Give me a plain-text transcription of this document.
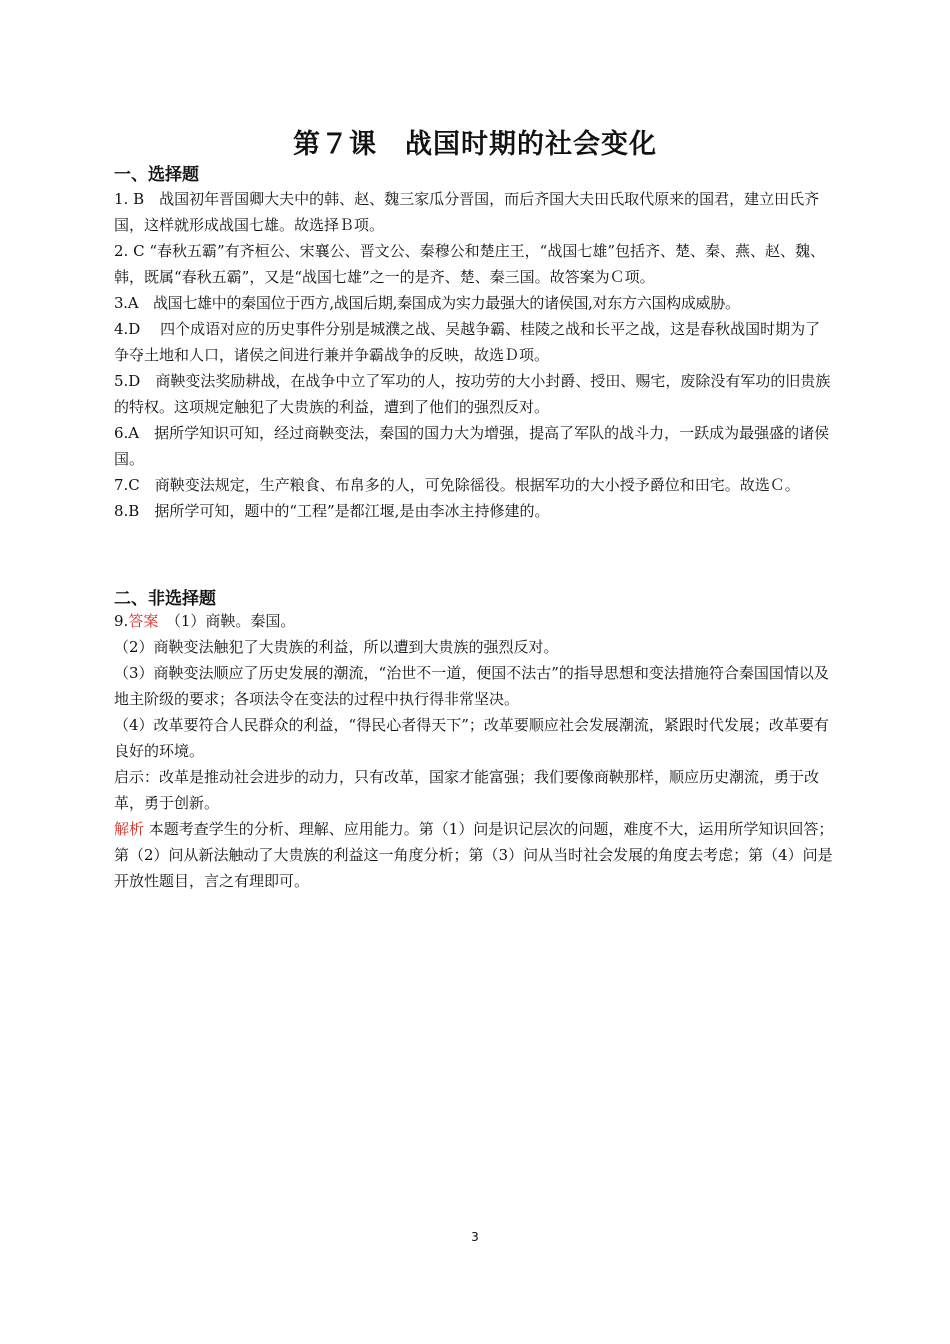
第７课　战国时期的社会变化
一、选择题

1. B　战国初年晋国卿大夫中的韩、赵、魏三家瓜分晋国，而后齐国大夫田氏取代原来的国君，建立田氏齐国，这样就形成战国七雄。故选择Ｂ项。

2. C “春秋五霸”有齐桓公、宋襄公、晋文公、秦穆公和楚庄王，“战国七雄”包括齐、楚、秦、燕、赵、魏、韩，既属“春秋五霸”，又是“战国七雄”之一的是齐、楚、秦三国。故答案为Ｃ项。

3.A　战国七雄中的秦国位于西方,战国后期,秦国成为实力最强大的诸侯国,对东方六国构成威胁。

4.D　 四个成语对应的历史事件分别是城濮之战、吴越争霸、桂陵之战和长平之战，这是春秋战国时期为了争夺土地和人口，诸侯之间进行兼并争霸战争的反映，故选Ｄ项。

5.D　商鞅变法奖励耕战，在战争中立了军功的人，按功劳的大小封爵、授田、赐宅，废除没有军功的旧贵族的特权。这项规定触犯了大贵族的利益，遭到了他们的强烈反对。

6.A　据所学知识可知，经过商鞅变法，秦国的国力大为增强，提高了军队的战斗力，一跃成为最强盛的诸侯国。

7.C　商鞅变法规定，生产粮食、布帛多的人，可免除徭役。根据军功的大小授予爵位和田宅。故选Ｃ。

8.B　据所学可知，题中的“工程”是都江堰,是由李冰主持修建的。

二、非选择题

9.答案　（1）商鞅。秦国。

（2）商鞅变法触犯了大贵族的利益，所以遭到大贵族的强烈反对。

（3）商鞅变法顺应了历史发展的潮流，“治世不一道，便国不法古”的指导思想和变法措施符合秦国国情以及地主阶级的要求；各项法令在变法的过程中执行得非常坚决。

（4）改革要符合人民群众的利益，“得民心者得天下”；改革要顺应社会发展潮流，紧跟时代发展；改革要有良好的环境。

启示：改革是推动社会进步的动力，只有改革，国家才能富强；我们要像商鞅那样，顺应历史潮流，勇于改革，勇于创新。

解析 本题考查学生的分析、理解、应用能力。第（1）问是识记层次的问题，难度不大，运用所学知识回答；第（2）问从新法触动了大贵族的利益这一角度分析；第（3）问从当时社会发展的角度去考虑；第（4）问是开放性题目，言之有理即可。

3
